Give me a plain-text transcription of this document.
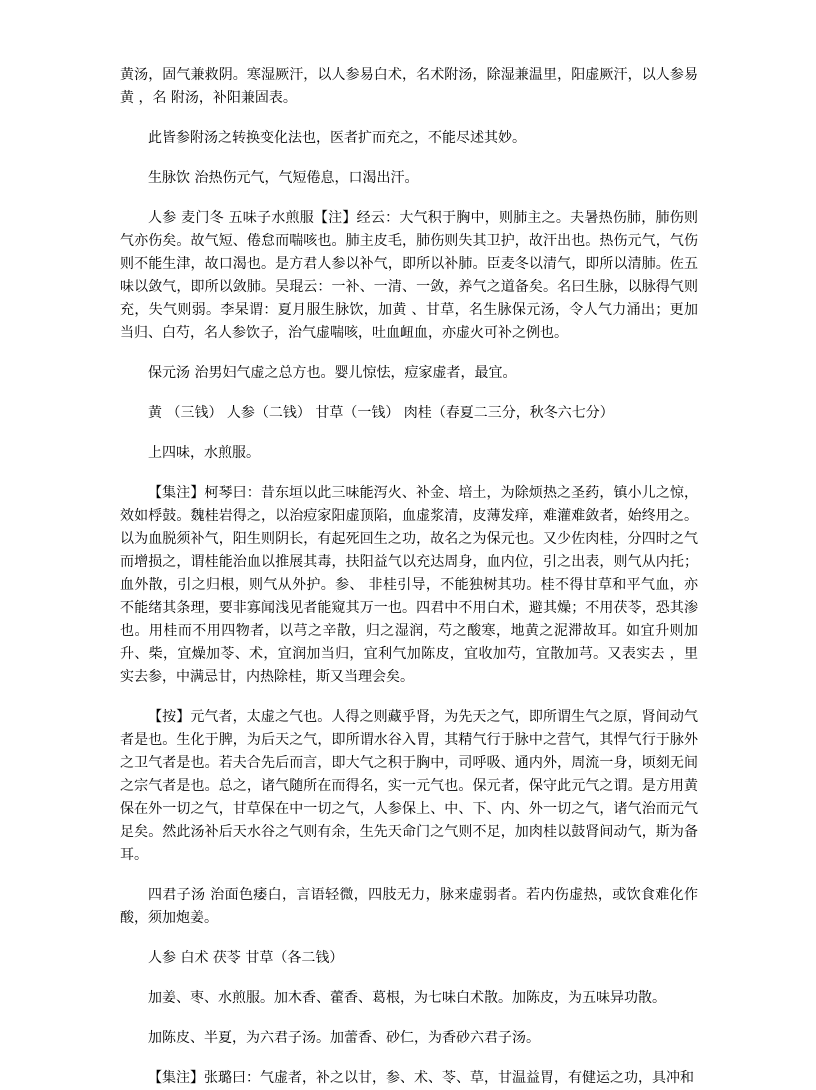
黄汤，固气兼救阴。寒湿厥汗，以人参易白术，名术附汤，除湿兼温里，阳虚厥汗，以人参易黄 ，名 附汤，补阳兼固表。

此皆参附汤之转换变化法也，医者扩而充之，不能尽述其妙。

生脉饮 治热伤元气，气短倦息，口渴出汗。

人参 麦门冬 五味子水煎服【注】经云：大气积于胸中，则肺主之。夫暑热伤肺，肺伤则气亦伤矣。故气短、倦怠而喘咳也。肺主皮毛，肺伤则失其卫护，故汗出也。热伤元气，气伤则不能生津，故口渴也。是方君人参以补气，即所以补肺。臣麦冬以清气，即所以清肺。佐五味以敛气，即所以敛肺。吴琨云：一补、一清、一敛，养气之道备矣。名曰生脉，以脉得气则充，失气则弱。李杲谓：夏月服生脉饮，加黄 、甘草，名生脉保元汤，令人气力涌出；更加当归、白芍，名人参饮子，治气虚喘咳，吐血衄血，亦虚火可补之例也。

保元汤 治男妇气虚之总方也。婴儿惊怯，痘家虚者，最宜。

黄 （三钱） 人参（二钱） 甘草（一钱） 肉桂（春夏二三分，秋冬六七分）

上四味，水煎服。

【集注】柯琴曰：昔东垣以此三味能泻火、补金、培土，为除烦热之圣药，镇小儿之惊，效如桴鼓。魏桂岩得之，以治痘家阳虚顶陷，血虚浆清，皮薄发痒，难灌难敛者，始终用之。以为血脱须补气，阳生则阴长，有起死回生之功，故名之为保元也。又少佐肉桂，分四时之气而增损之，谓桂能治血以推展其毒，扶阳益气以充达周身，血内位，引之出表，则气从内托；血外散，引之归根，则气从外护。参、 非桂引导，不能独树其功。桂不得甘草和平气血，亦不能绪其条理，要非寡闻浅见者能窥其万一也。四君中不用白术，避其燥；不用茯苓，恐其渗也。用桂而不用四物者，以芎之辛散，归之湿润，芍之酸寒，地黄之泥滞故耳。如宜升则加升、柴，宜燥加苓、术，宜润加当归，宜利气加陈皮，宜收加芍，宜散加芎。又表实去 ，里实去参，中满忌甘，内热除桂，斯又当理会矣。

【按】元气者，太虚之气也。人得之则藏乎肾，为先天之气，即所谓生气之原，肾间动气者是也。生化于脾，为后天之气，即所谓水谷入胃，其精气行于脉中之营气，其悍气行于脉外之卫气者是也。若夫合先后而言，即大气之积于胸中，司呼吸、通内外，周流一身，顷刻无间之宗气者是也。总之，诸气随所在而得名，实一元气也。保元者，保守此元气之谓。是方用黄 保在外一切之气，甘草保在中一切之气，人参保上、中、下、内、外一切之气，诸气治而元气足矣。然此汤补后天水谷之气则有余，生先天命门之气则不足，加肉桂以鼓肾间动气，斯为备耳。

四君子汤 治面色痿白，言语轻微，四肢无力，脉来虚弱者。若内伤虚热，或饮食难化作酸，须加炮姜。

人参 白术 茯苓 甘草（各二钱）

加姜、枣、水煎服。加木香、藿香、葛根，为七味白术散。加陈皮，为五味异功散。

加陈皮、半夏，为六君子汤。加蕾香、砂仁，为香砂六君子汤。

【集注】张璐曰：气虚者，补之以甘，参、术、苓、草，甘温益胃，有健运之功，具冲和
